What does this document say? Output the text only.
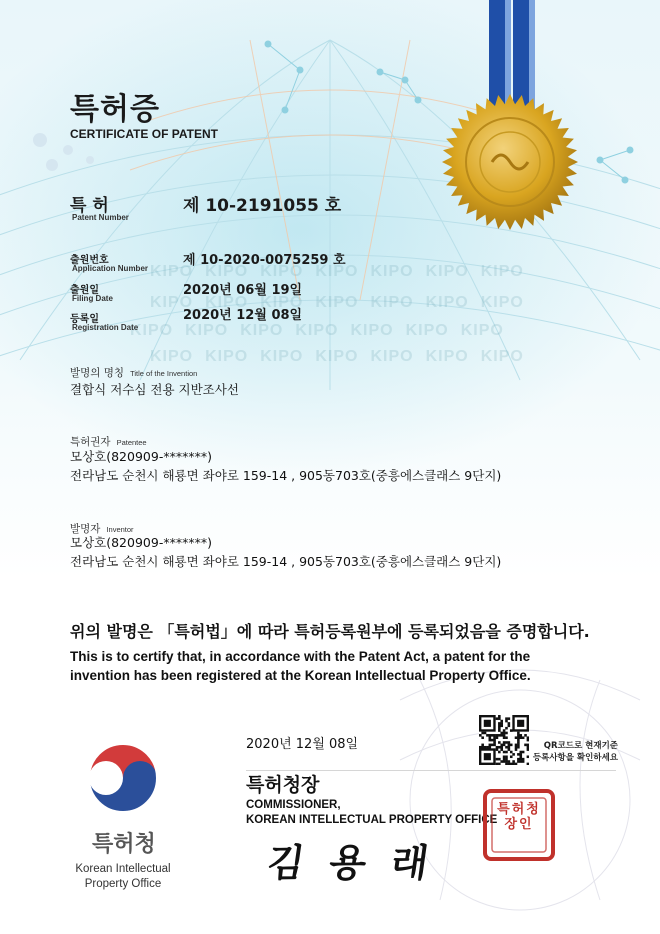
특허증
CERTIFICATE OF PATENT
특 허
Patent Number
제 10-2191055 호
KIPO KIPO KIPO KIPO KIPO KIPO KIPO
KIPO KIPO KIPO KIPO KIPO KIPO KIPO
KIPO KIPO KIPO KIPO KIPO KIPO KIPO
KIPO KIPO KIPO KIPO KIPO KIPO KIPO
출원번호
Application Number
제 10-2020-0075259 호
출원일
Filing Date
2020년 06월 19일
등록일
Registration Date
2020년 12월 08일
발명의 명칭 Title of the Invention
결합식 저수심 전용 지반조사선
특허권자 Patentee
모상호(820909-*******)
전라남도 순천시 해룡면 좌야로 159-14 , 905동703호(중흥에스클래스 9단지)
발명자 Inventor
모상호(820909-*******)
전라남도 순천시 해룡면 좌야로 159-14 , 905동703호(중흥에스클래스 9단지)
위의 발명은 「특허법」에 따라 특허등록원부에 등록되었음을 증명합니다.
This is to certify that, in accordance with the Patent Act, a patent for the
invention has been registered at the Korean Intellectual Property Office.
2020년 12월 08일	QR코드로 현재기준
등록사항을 확인하세요
특허청장
COMMISSIONER,
KOREAN INTELLECTUAL PROPERTY OFFICE
특허청장인
김 용 래
특허청
Korean Intellectual
Property Office
